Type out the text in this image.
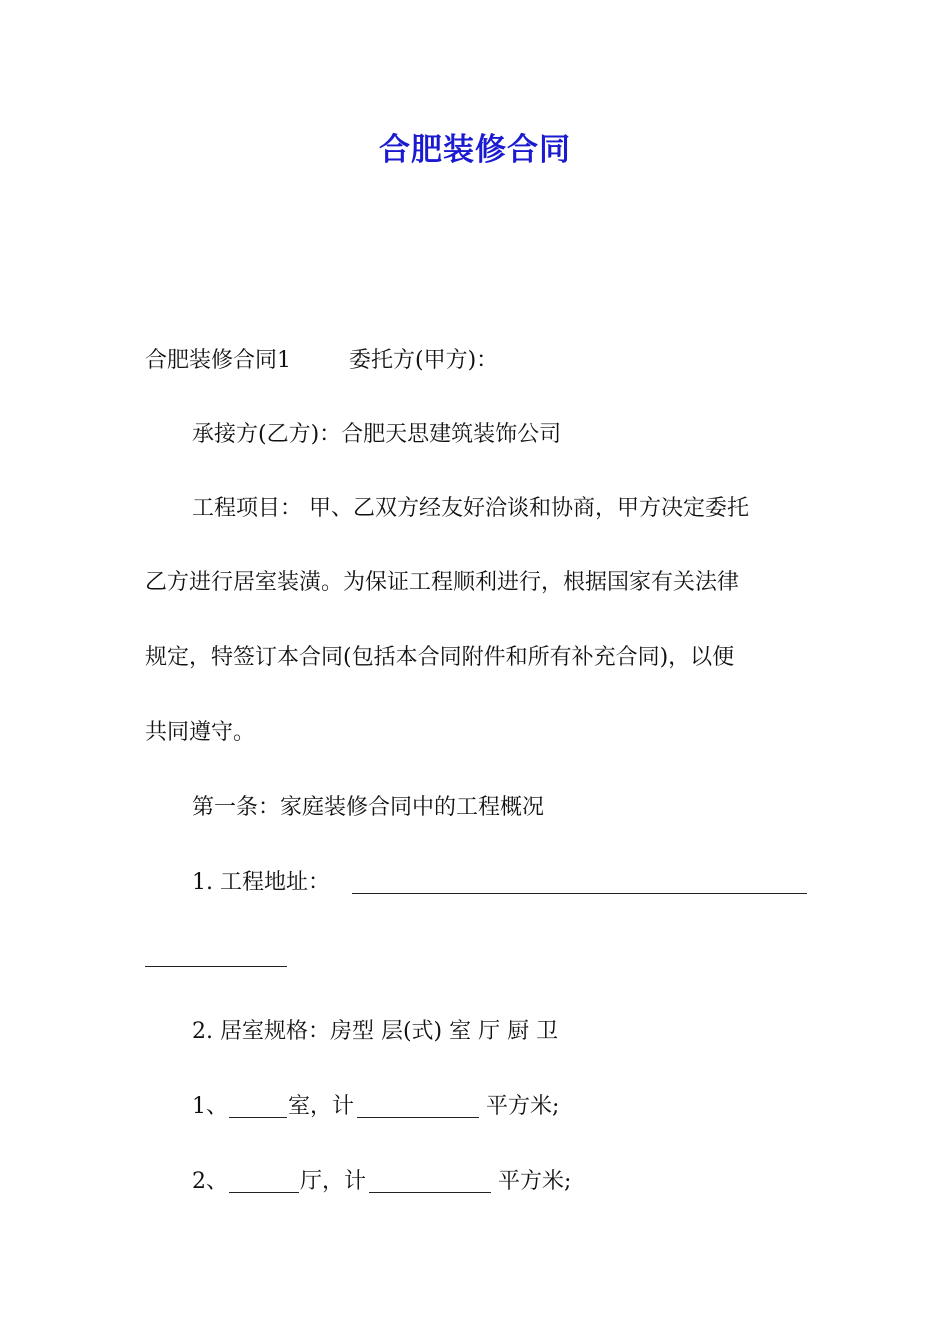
合肥装修合同
合肥装修合同1	委托方(甲方)：
承接方(乙方)：合肥天思建筑装饰公司
工程项目： 甲、乙双方经友好洽谈和协商，甲方决定委托
乙方进行居室装潢。为保证工程顺利进行，根据国家有关法律
规定，特签订本合同(包括本合同附件和所有补充合同)，以便
共同遵守。
第一条：家庭装修合同中的工程概况
1. 工程地址：
2. 居室规格：房型 层(式) 室 厅 厨 卫
1、	室，计	平方米;
2、	厅，计	平方米;
